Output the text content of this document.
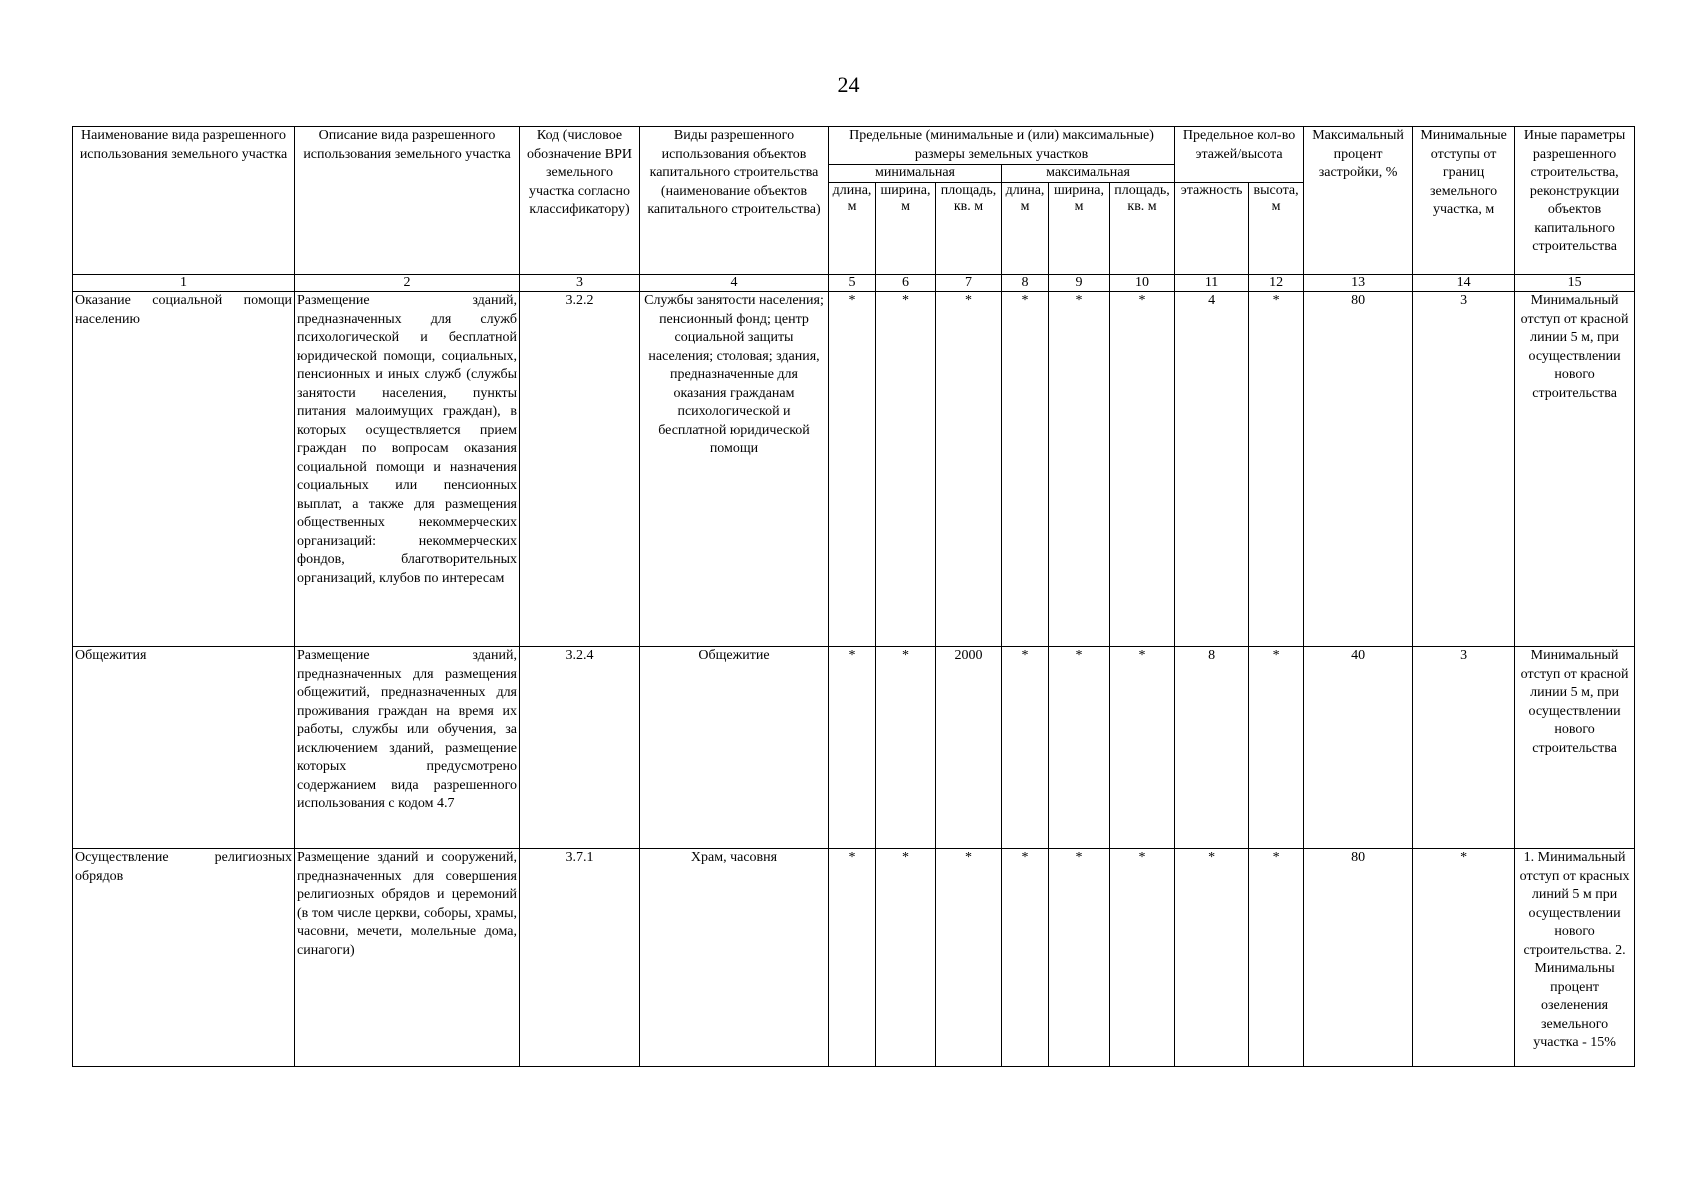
24
Наименование вида разрешенного использования земельного участка	Описание вида разрешенного использования земельного участка	Код (числовое обозначение ВРИ земельного участка согласно классификатору)	Виды разрешенного использования объектов капитального строительства (наименование объектов капитального строительства)	Предельные (минимальные и (или) максимальные) размеры земельных участков						Предельное кол-во этажей/высота		Максимальный процент застройки, %	Минимальные отступы от границ земельного участка, м	Иные параметры разрешенного строительства, реконструкции объектов капитального строительства
				минимальная			максимальная							
				длина, м	ширина, м	площадь, кв. м	длина, м	ширина, м	площадь, кв. м	этажность	высота, м			
1	2	3	4	5	6	7	8	9	10	11	12	13	14	15
Оказание социальной помощи населению	Размещение зданий, предназначенных для служб психологической и бесплатной юридической помощи, социальных, пенсионных и иных служб (службы занятости населения, пункты питания малоимущих граждан), в которых осуществляется прием граждан по вопросам оказания социальной помощи и назначения социальных или пенсионных выплат, а также для размещения общественных некоммерческих организаций: некоммерческих фондов, благотворительных организаций, клубов по интересам	3.2.2	Службы занятости населения; пенсионный фонд; центр социальной защиты населения; столовая; здания, предназначенные для оказания гражданам психологической и бесплатной юридической помощи	*	*	*	*	*	*	4	*	80	3	Минимальный отступ от красной линии 5 м, при осуществлении нового строительства
Общежития	Размещение зданий, предназначенных для размещения общежитий, предназначенных для проживания граждан на время их работы, службы или обучения, за исключением зданий, размещение которых предусмотрено содержанием вида разрешенного использования с кодом 4.7	3.2.4	Общежитие	*	*	2000	*	*	*	8	*	40	3	Минимальный отступ от красной линии 5 м, при осуществлении нового строительства
Осуществление религиозных обрядов	Размещение зданий и сооружений, предназначенных для совершения религиозных обрядов и церемоний (в том числе церкви, соборы, храмы, часовни, мечети, молельные дома, синагоги)	3.7.1	Храм, часовня	*	*	*	*	*	*	*	*	80	*	1. Минимальный отступ от красных линий 5 м при осуществлении нового строительства. 2. Минимальны процент озеленения земельного участка - 15%
